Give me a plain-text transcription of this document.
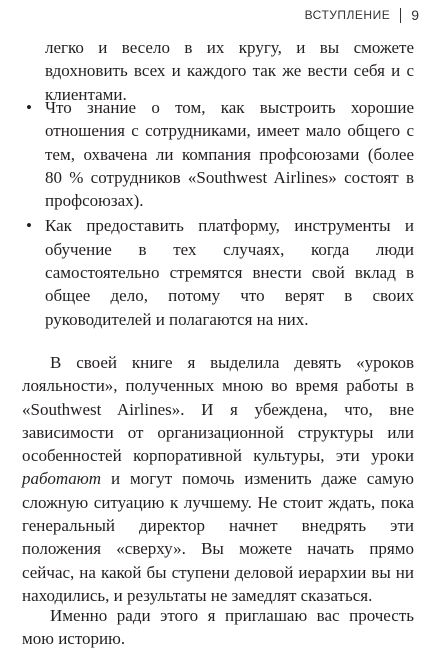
ВСТУПЛЕНИЕ 9
легко и весело в их кругу, и вы сможете вдохновить всех и каждого так же вести себя и с клиентами.
• Что знание о том, как выстроить хорошие отношения с сотрудниками, имеет мало общего с тем, охвачена ли компания профсоюзами (более 80 % сотрудников «Southwest Airlines» состоят в профсоюзах).
• Как предоставить платформу, инструменты и обучение в тех случаях, когда люди самостоятельно стремятся внести свой вклад в общее дело, потому что верят в своих руководителей и полагаются на них.

В своей книге я выделила девять «уроков лояльности», полученных мною во время работы в «Southwest Airlines». И я убеждена, что, вне зависимости от организационной структуры или особенностей корпоративной культуры, эти уроки работают и могут помочь изменить даже самую сложную ситуацию к лучшему. Не стоит ждать, пока генеральный директор начнет внедрять эти положения «сверху». Вы можете начать прямо сейчас, на какой бы ступени деловой иерархии вы ни находились, и результаты не замедлят сказаться.

Именно ради этого я приглашаю вас прочесть мою историю.
